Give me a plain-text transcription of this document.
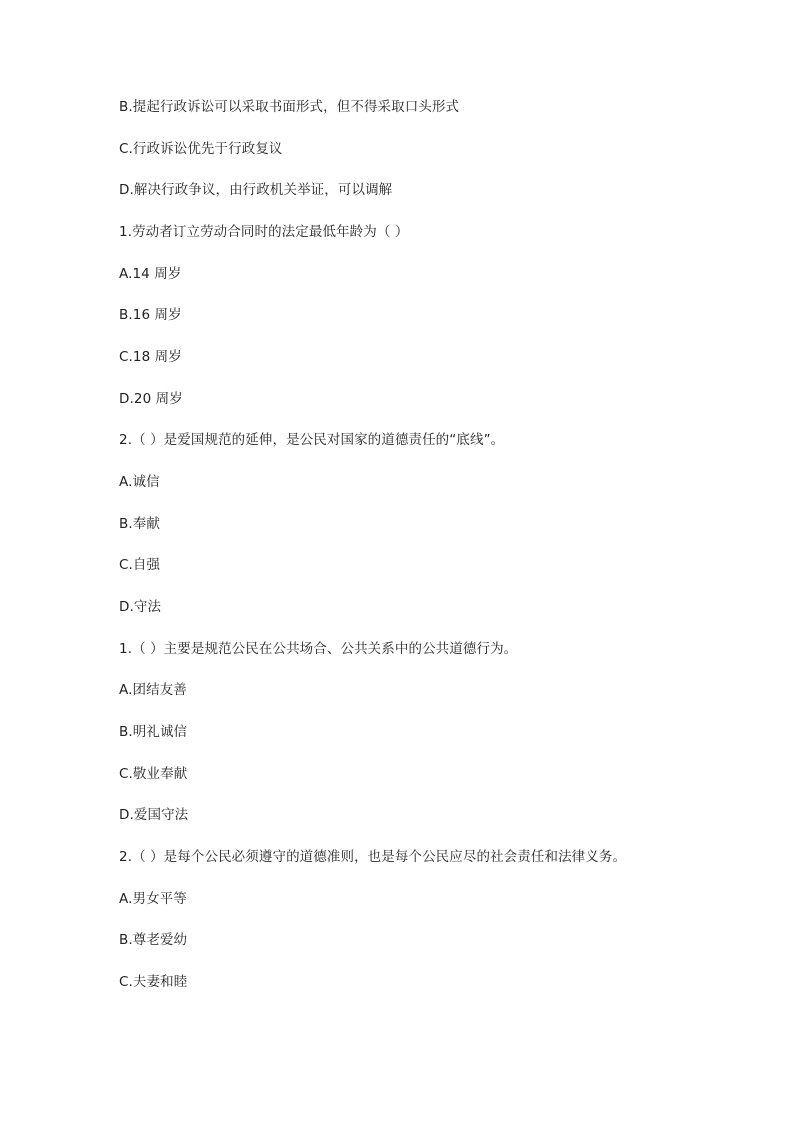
B.提起行政诉讼可以采取书面形式，但不得采取口头形式
C.行政诉讼优先于行政复议
D.解决行政争议，由行政机关举证，可以调解
1.劳动者订立劳动合同时的法定最低年龄为（ ）
A.14 周岁
B.16 周岁
C.18 周岁
D.20 周岁
2.（ ）是爱国规范的延伸，是公民对国家的道德责任的“底线”。
A.诚信
B.奉献
C.自强
D.守法
1.（ ）主要是规范公民在公共场合、公共关系中的公共道德行为。
A.团结友善
B.明礼诚信
C.敬业奉献
D.爱国守法
2.（ ）是每个公民必须遵守的道德准则，也是每个公民应尽的社会责任和法律义务。
A.男女平等
B.尊老爱幼
C.夫妻和睦
